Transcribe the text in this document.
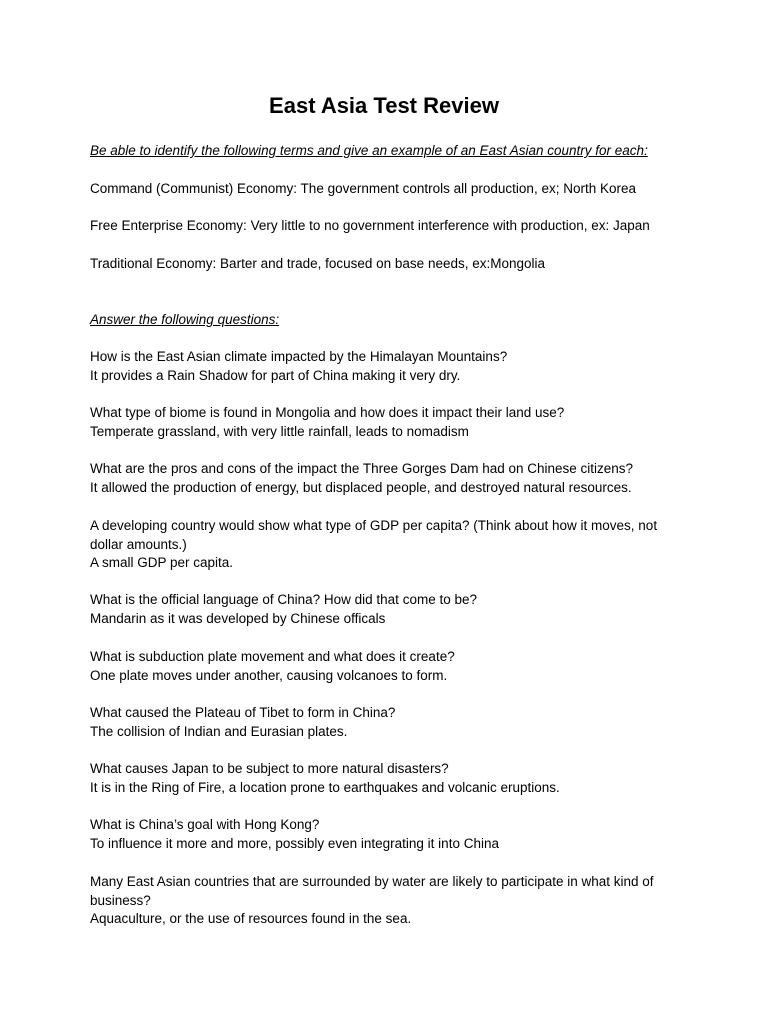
East Asia Test Review

Be able to identify the following terms and give an example of an East Asian country for each:

Command (Communist) Economy: The government controls all production, ex; North Korea

Free Enterprise Economy: Very little to no government interference with production, ex: Japan

Traditional Economy: Barter and trade, focused on base needs, ex:Mongolia

Answer the following questions:

How is the East Asian climate impacted by the Himalayan Mountains?

It provides a Rain Shadow for part of China making it very dry.

What type of biome is found in Mongolia and how does it impact their land use?

Temperate grassland, with very little rainfall, leads to nomadism

What are the pros and cons of the impact the Three Gorges Dam had on Chinese citizens?

It allowed the production of energy, but displaced people, and destroyed natural resources.

A developing country would show what type of GDP per capita? (Think about how it moves, not dollar amounts.)

A small GDP per capita.

What is the official language of China? How did that come to be?

Mandarin as it was developed by Chinese officals

What is subduction plate movement and what does it create?

One plate moves under another, causing volcanoes to form.

What caused the Plateau of Tibet to form in China?

The collision of Indian and Eurasian plates.

What causes Japan to be subject to more natural disasters?

It is in the Ring of Fire, a location prone to earthquakes and volcanic eruptions.

What is China’s goal with Hong Kong?

To influence it more and more, possibly even integrating it into China

Many East Asian countries that are surrounded by water are likely to participate in what kind of business?

Aquaculture, or the use of resources found in the sea.
